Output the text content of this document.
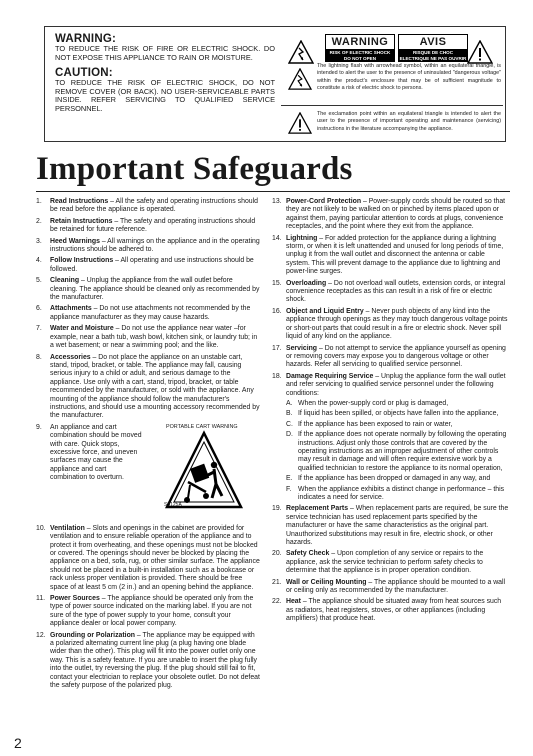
WARNING:
TO REDUCE THE RISK OF FIRE OR ELECTRIC SHOCK. DO NOT EXPOSE THIS APPLIANCE TO RAIN OR MOISTURE.
CAUTION:
TO REDUCE THE RISK OF ELECTRIC SHOCK, DO NOT REMOVE COVER (OR BACK). NO USER-SERVICEABLE PARTS INSIDE. REFER SERVICING TO QUALIFIED SERVICE PERSONNEL.
WARNING
RISK OF ELECTRIC SHOCK DO NOT OPEN
AVIS
RISQUE DE CHOC ELECTRIQUE NE PAS OUVRIR
The lightning flash with arrowhead symbol, within an equilateral triangle, is intended to alert the user to the presence of uninsulated "dangerous voltage" within the product's enclosure that may be of sufficient magnitude to constitute a risk of electric shock to persons.
The exclamation point within an equilateral triangle is intended to alert the user to the presence of important operating and maintenance (servicing) instructions in the literature accompanying the appliance.
Important Safeguards
1. Read Instructions – All the safety and operating instructions should be read before the appliance is operated.
2. Retain Instructions – The safety and operating instructions should be retained for future reference.
3. Heed Warnings – All warnings on the appliance and in the operating instructions should be adhered to.
4. Follow Instructions – All operating and use instructions should be followed.
5. Cleaning – Unplug the appliance from the wall outlet before cleaning. The appliance should be cleaned only as recommended by the manufacturer.
6. Attachments – Do not use attachments not recommended by the appliance manufacturer as they may cause hazards.
7. Water and Moisture – Do not use the appliance near water –for example, near a bath tub, wash bowl, kitchen sink, or laundry tub; in a wet basement; or near a swimming pool; and the like.
8. Accessories – Do not place the appliance on an unstable cart, stand, tripod, bracket, or table. The appliance may fall, causing serious injury to a child or adult, and serious damage to the appliance. Use only with a cart, stand, tripod, bracket, or table recommended by the manufacturer, or sold with the appliance. Any mounting of the appliance should follow the manufacturer's instructions, and should use a mounting accessory recommended by the manufacturer.
9. An appliance and cart combination should be moved with care. Quick stops, excessive force, and uneven surfaces may cause the appliance and cart combination to overturn.
PORTABLE CART WARNING
S3125A
10. Ventilation – Slots and openings in the cabinet are provided for ventilation and to ensure reliable operation of the appliance and to protect it from overheating, and these openings must not be blocked or covered. The openings should never be blocked by placing the appliance on a bed, sofa, rug, or other similar surface. The appliance should not be placed in a built-in installation such as a bookcase or rack unless proper ventilation is provided. There should be free space of at least 5 cm (2 in.) and an opening behind the appliance.
11. Power Sources – The appliance should be operated only from the type of power source indicated on the marking label. If you are not sure of the type of power supply to your home, consult your appliance dealer or local power company.
12. Grounding or Polarization – The appliance may be equipped with a polarized alternating current line plug (a plug having one blade wider than the other). This plug will fit into the power outlet only one way. This is a safety feature. If you are unable to insert the plug fully into the outlet, try reversing the plug. If the plug should still fail to fit, contact your electrician to replace your obsolete outlet. Do not defeat the safety purpose of the polarized plug.
13. Power-Cord Protection – Power-supply cords should be routed so that they are not likely to be walked on or pinched by items placed upon or against them, paying particular attention to cords at plugs, convenience receptacles, and the point where they exit from the appliance.
14. Lightning – For added protection for the appliance during a lightning storm, or when it is left unattended and unused for long periods of time, unplug it from the wall outlet and disconnect the antenna or cable system. This will prevent damage to the appliance due to lightning and power-line surges.
15. Overloading – Do not overload wall outlets, extension cords, or integral convenience receptacles as this can result in a risk of fire or electric shock.
16. Object and Liquid Entry – Never push objects of any kind into the appliance through openings as they may touch dangerous voltage points or short-out parts that could result in a fire or electric shock. Never spill liquid of any kind on the appliance.
17. Servicing – Do not attempt to service the appliance yourself as opening or removing covers may expose you to dangerous voltage or other hazards. Refer all servicing to qualified service personnel.
18. Damage Requiring Service – Unplug the appliance form the wall outlet and refer servicing to qualified service personnel under the following conditions:
A. When the power-supply cord or plug is damaged,
B. If liquid has been spilled, or objects have fallen into the appliance,
C. If the appliance has been exposed to rain or water,
D. If the appliance does not operate normally by following the operating instructions. Adjust only those controls that are covered by the operating instructions as an improper adjustment of other controls may result in damage and will often require extensive work by a qualified technician to restore the appliance to its normal operation,
E. If the appliance has been dropped or damaged in any way, and
F. When the appliance exhibits a distinct change in performance – this indicates a need for service.
19. Replacement Parts – When replacement parts are required, be sure the service technician has used replacement parts specified by the manufacturer or have the same characteristics as the original part. Unauthorized substitutions may result in fire, electric shock, or other hazards.
20. Safety Check – Upon completion of any service or repairs to the appliance, ask the service technician to perform safety checks to determine that the appliance is in proper operation condition.
21. Wall or Ceiling Mounting – The appliance should be mounted to a wall or ceiling only as recommended by the manufacturer.
22. Heat – The appliance should be situated away from heat sources such as radiators, heat registers, stoves, or other appliances (including amplifiers) that produce heat.
2
